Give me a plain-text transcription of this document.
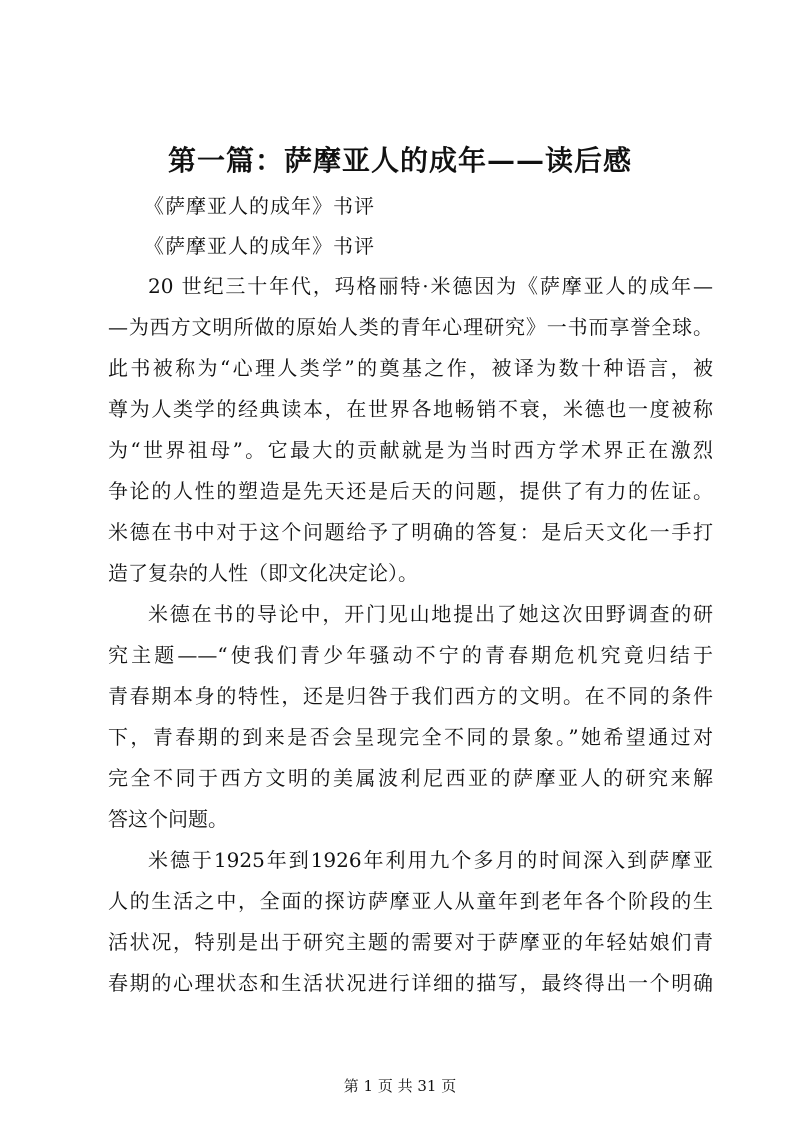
第一篇：萨摩亚人的成年——读后感
《萨摩亚人的成年》书评
《萨摩亚人的成年》书评
20 世纪三十年代，玛格丽特·米德因为《萨摩亚人的成年—
—为西方文明所做的原始人类的青年心理研究》一书而享誉全球。
此书被称为“心理人类学”的奠基之作，被译为数十种语言，被
尊为人类学的经典读本，在世界各地畅销不衰，米德也一度被称
为“世界祖母”。它最大的贡献就是为当时西方学术界正在激烈
争论的人性的塑造是先天还是后天的问题，提供了有力的佐证。
米德在书中对于这个问题给予了明确的答复：是后天文化一手打
造了复杂的人性（即文化决定论）。
米德在书的导论中，开门见山地提出了她这次田野调查的研
究主题——“使我们青少年骚动不宁的青春期危机究竟归结于
青春期本身的特性，还是归咎于我们西方的文明。在不同的条件
下，青春期的到来是否会呈现完全不同的景象。”她希望通过对
完全不同于西方文明的美属波利尼西亚的萨摩亚人的研究来解
答这个问题。
米德于1925年到1926年利用九个多月的时间深入到萨摩亚
人的生活之中，全面的探访萨摩亚人从童年到老年各个阶段的生
活状况，特别是出于研究主题的需要对于萨摩亚的年轻姑娘们青
春期的心理状态和生活状况进行详细的描写，最终得出一个明确
第 1 页 共 31 页
